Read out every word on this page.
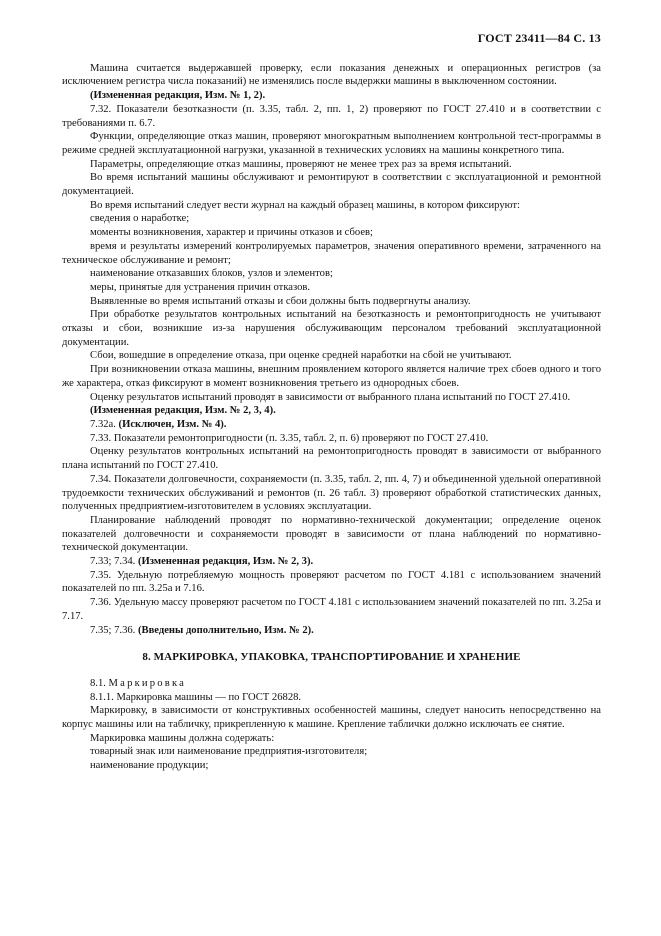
ГОСТ 23411—84 С. 13

Машина считается выдержавшей проверку, если показания денежных и операционных регистров (за исключением регистра числа показаний) не изменялись после выдержки машины в выключенном состоянии.

(Измененная редакция, Изм. № 1, 2).

7.32. Показатели безотказности (п. 3.35, табл. 2, пп. 1, 2) проверяют по ГОСТ 27.410 и в соответствии с требованиями п. 6.7.

Функции, определяющие отказ машин, проверяют многократным выполнением контрольной тест-программы в режиме средней эксплуатационной нагрузки, указанной в технических условиях на машины конкретного типа.

Параметры, определяющие отказ машины, проверяют не менее трех раз за время испытаний.

Во время испытаний машины обслуживают и ремонтируют в соответствии с эксплуатационной и ремонтной документацией.

Во время испытаний следует вести журнал на каждый образец машины, в котором фиксируют:

сведения о наработке;

моменты возникновения, характер и причины отказов и сбоев;

время и результаты измерений контролируемых параметров, значения оперативного времени, затраченного на техническое обслуживание и ремонт;

наименование отказавших блоков, узлов и элементов;

меры, принятые для устранения причин отказов.

Выявленные во время испытаний отказы и сбои должны быть подвергнуты анализу.

При обработке результатов контрольных испытаний на безотказность и ремонтопригодность не учитывают отказы и сбои, возникшие из-за нарушения обслуживающим персоналом требований эксплуатационной документации.

Сбои, вошедшие в определение отказа, при оценке средней наработки на сбой не учитывают.

При возникновении отказа машины, внешним проявлением которого является наличие трех сбоев одного и того же характера, отказ фиксируют в момент возникновения третьего из однородных сбоев.

Оценку результатов испытаний проводят в зависимости от выбранного плана испытаний по ГОСТ 27.410.

(Измененная редакция, Изм. № 2, 3, 4).

7.32а. (Исключен, Изм. № 4).

7.33. Показатели ремонтопригодности (п. 3.35, табл. 2, п. 6) проверяют по ГОСТ 27.410.

Оценку результатов контрольных испытаний на ремонтопригодность проводят в зависимости от выбранного плана испытаний по ГОСТ 27.410.

7.34. Показатели долговечности, сохраняемости (п. 3.35, табл. 2, пп. 4, 7) и объединенной удельной оперативной трудоемкости технических обслуживаний и ремонтов (п. 26 табл. 3) проверяют обработкой статистических данных, полученных предприятием-изготовителем в условиях эксплуатации.

Планирование наблюдений проводят по нормативно-технической документации; определение оценок показателей долговечности и сохраняемости проводят в зависимости от плана наблюдений по нормативно-технической документации.

7.33; 7.34. (Измененная редакция, Изм. № 2, 3).

7.35. Удельную потребляемую мощность проверяют расчетом по ГОСТ 4.181 с использованием значений показателей по пп. 3.25а и 7.16.

7.36. Удельную массу проверяют расчетом по ГОСТ 4.181 с использованием значений показателей по пп. 3.25а и 7.17.

7.35; 7.36. (Введены дополнительно, Изм. № 2).

8. МАРКИРОВКА, УПАКОВКА, ТРАНСПОРТИРОВАНИЕ И ХРАНЕНИЕ

8.1. Маркировка

8.1.1. Маркировка машины — по ГОСТ 26828.

Маркировку, в зависимости от конструктивных особенностей машины, следует наносить непосредственно на корпус машины или на табличку, прикрепленную к машине. Крепление таблички должно исключать ее снятие.

Маркировка машины должна содержать:

товарный знак или наименование предприятия-изготовителя;

наименование продукции;
